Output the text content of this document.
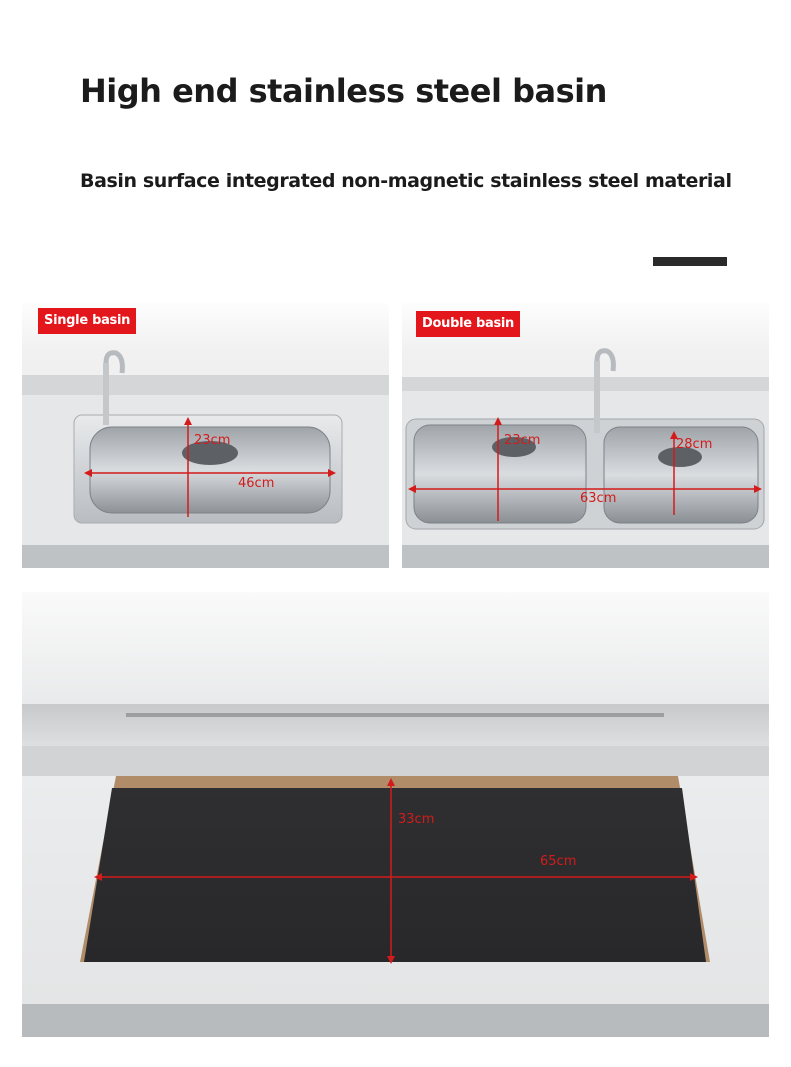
High end stainless steel basin
Basin surface integrated non-magnetic stainless steel material
Single basin
23cm
46cm
Double basin
23cm	28cm
63cm
33cm
65cm
